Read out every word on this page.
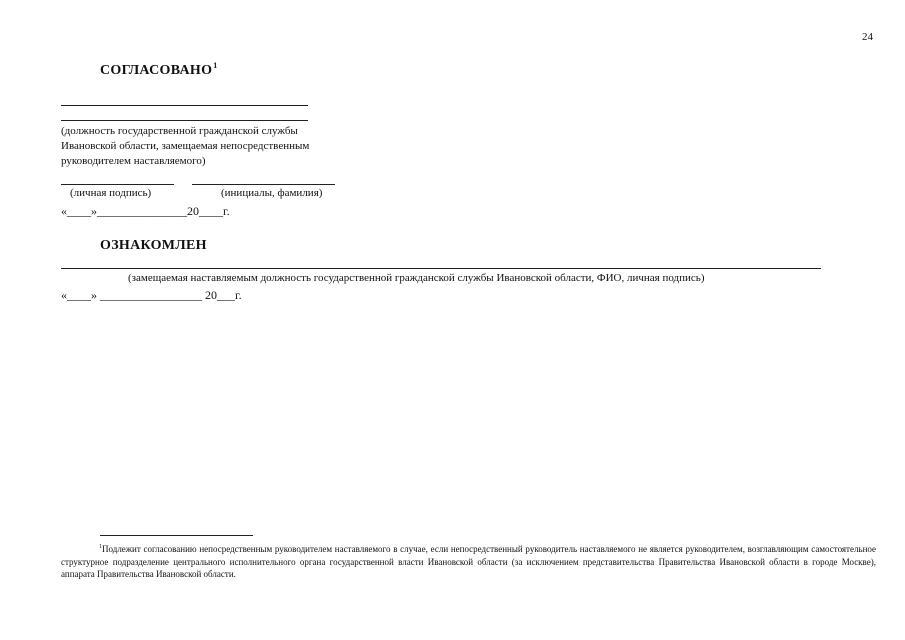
24
СОГЛАСОВАНО$^1$
(должность государственной гражданской службы
Ивановской области, замещаемая непосредственным
руководителем наставляемого)
(личная подпись)	(инициалы, фамилия)
«____»_______________20____г.
ОЗНАКОМЛЕН
(замещаемая наставляемым должность государственной гражданской службы Ивановской области, ФИО, личная подпись)
«____» _________________ 20___г.
$^1$Подлежит согласованию непосредственным руководителем наставляемого в случае, если непосредственный руководитель наставляемого не является руководителем, возглавляющим самостоятельное структурное подразделение центрального исполнительного органа государственной власти Ивановской области (за исключением представительства Правительства Ивановской области в городе Москве), аппарата Правительства Ивановской области.
